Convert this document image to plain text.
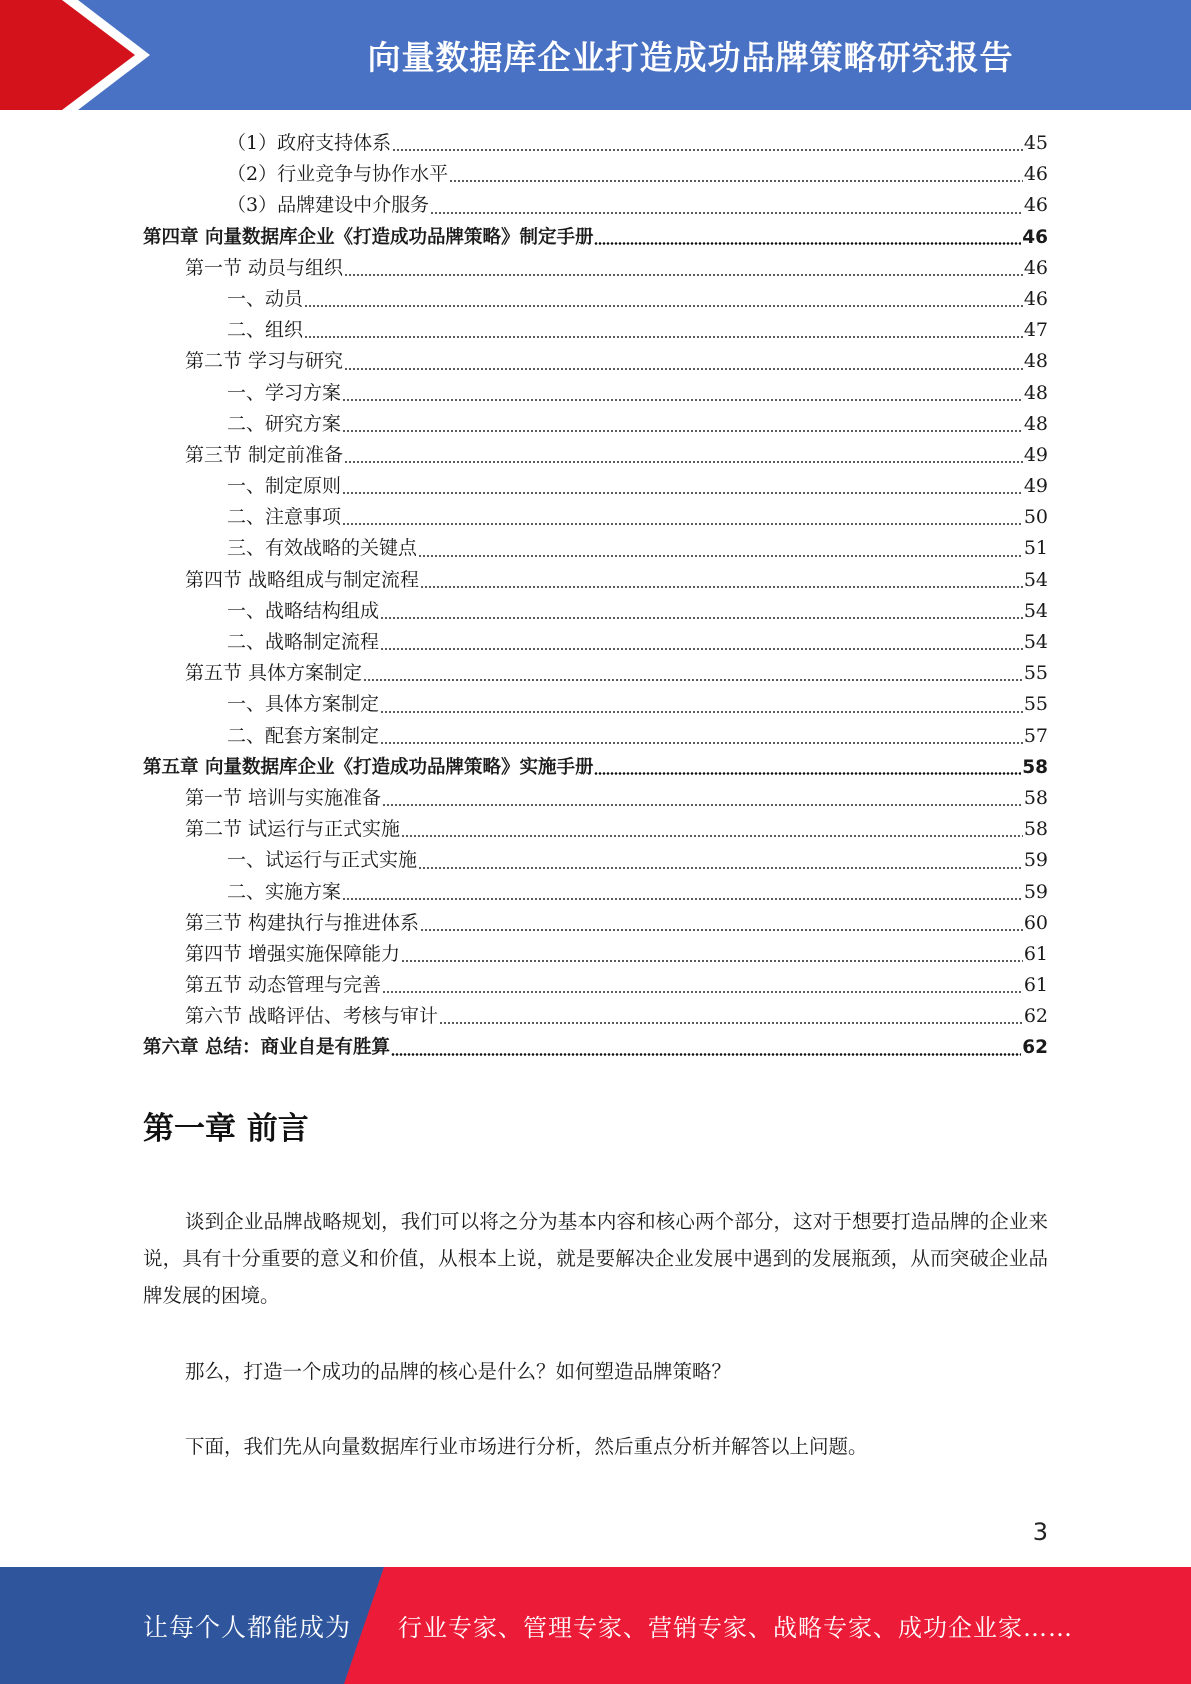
向量数据库企业打造成功品牌策略研究报告
（1）政府支持体系	45
（2）行业竞争与协作水平	46
（3）品牌建设中介服务	46
第四章 向量数据库企业《打造成功品牌策略》制定手册	46
第一节 动员与组织	46
一、动员	46
二、组织	47
第二节 学习与研究	48
一、学习方案	48
二、研究方案	48
第三节 制定前准备	49
一、制定原则	49
二、注意事项	50
三、有效战略的关键点	51
第四节 战略组成与制定流程	54
一、战略结构组成	54
二、战略制定流程	54
第五节 具体方案制定	55
一、具体方案制定	55
二、配套方案制定	57
第五章 向量数据库企业《打造成功品牌策略》实施手册	58
第一节 培训与实施准备	58
第二节 试运行与正式实施	58
一、试运行与正式实施	59
二、实施方案	59
第三节 构建执行与推进体系	60
第四节 增强实施保障能力	61
第五节 动态管理与完善	61
第六节 战略评估、考核与审计	62
第六章 总结：商业自是有胜算	62
第一章 前言

谈到企业品牌战略规划，我们可以将之分为基本内容和核心两个部分，这对于想要打造品牌的企业来说，具有十分重要的意义和价值，从根本上说，就是要解决企业发展中遇到的发展瓶颈，从而突破企业品牌发展的困境。

那么，打造一个成功的品牌的核心是什么？如何塑造品牌策略？

下面，我们先从向量数据库行业市场进行分析，然后重点分析并解答以上问题。

3
让每个人都能成为 行业专家、管理专家、营销专家、战略专家、成功企业家……
